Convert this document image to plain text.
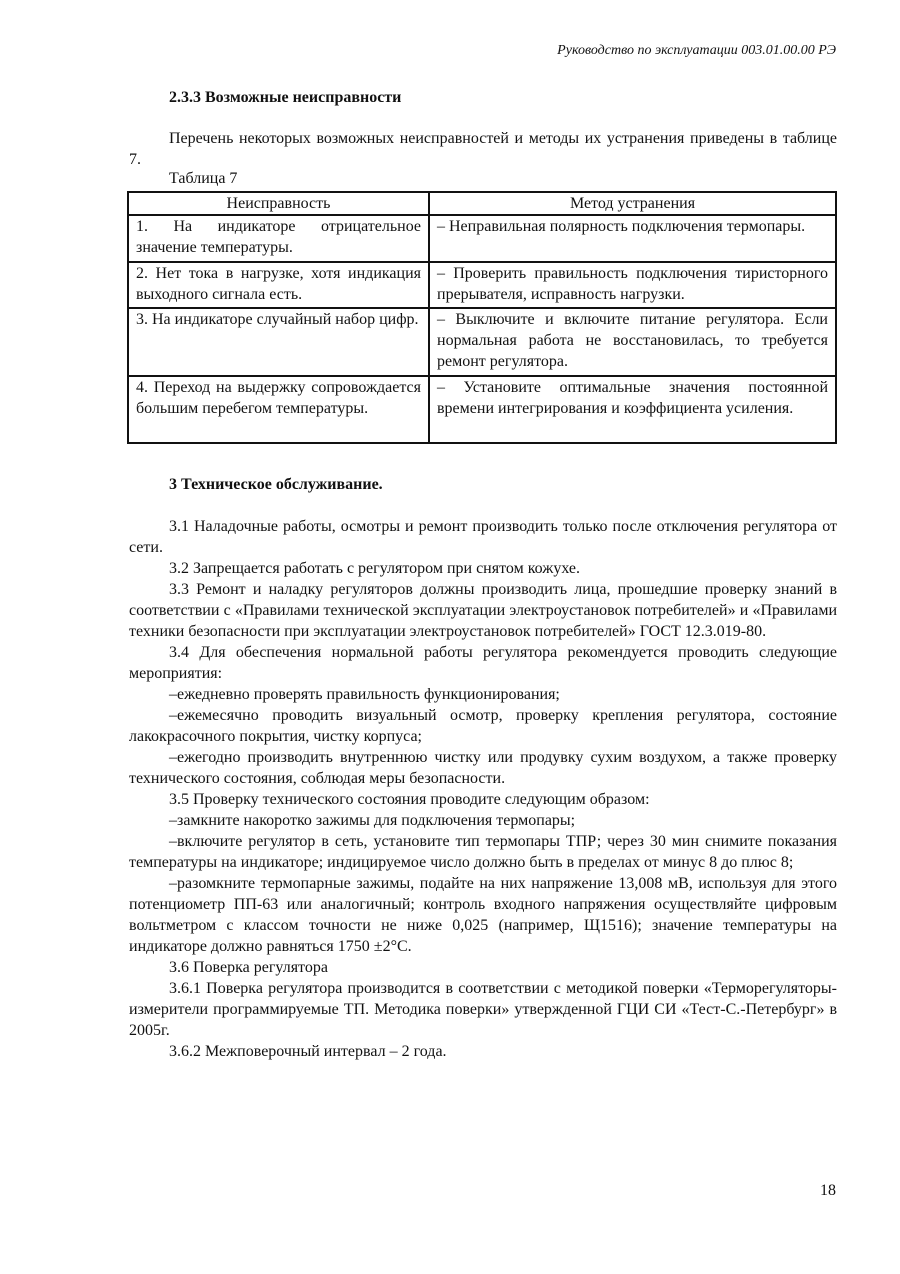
Руководство по эксплуатации 003.01.00.00 РЭ
2.3.3 Возможные неисправности
Перечень некоторых возможных неисправностей и методы их устранения приведены в таблице 7.
Таблица 7
Неисправность	Метод устранения
1. На индикаторе отрицательное значение температуры.	– Неправильная полярность подключения термопары.
2. Нет тока в нагрузке, хотя индикация выходного сигнала есть.	– Проверить правильность подключения тиристорного прерывателя, исправность нагрузки.
3. На индикаторе случайный набор цифр.	– Выключите и включите питание регулятора. Если нормальная работа не восстановилась, то требуется ремонт регулятора.
4. Переход на выдержку сопровождается большим перебегом температуры.	– Установите оптимальные значения постоянной времени интегрирования и коэффициента усиления.
3 Техническое обслуживание.

3.1 Наладочные работы, осмотры и ремонт производить только после отключения регулятора от сети.

3.2 Запрещается работать с регулятором при снятом кожухе.

3.3 Ремонт и наладку регуляторов должны производить лица, прошедшие проверку знаний в соответствии с «Правилами технической эксплуатации электроустановок потребителей» и «Правилами техники безопасности при эксплуатации электроустановок потребителей» ГОСТ 12.3.019-80.

3.4 Для обеспечения нормальной работы регулятора рекомендуется проводить следующие мероприятия:

–ежедневно проверять правильность функционирования;

–ежемесячно проводить визуальный осмотр, проверку крепления регулятора, состояние лакокрасочного покрытия, чистку корпуса;

–ежегодно производить внутреннюю чистку или продувку сухим воздухом, а также проверку технического состояния, соблюдая меры безопасности.

3.5 Проверку технического состояния проводите следующим образом:

–замкните накоротко зажимы для подключения термопары;

–включите регулятор в сеть, установите тип термопары ТПР; через 30 мин снимите показания температуры на индикаторе; индицируемое число должно быть в пределах от минус 8 до плюс 8;

–разомкните термопарные зажимы, подайте на них напряжение 13,008 мВ, используя для этого потенциометр ПП-63 или аналогичный; контроль входного напряжения осуществляйте цифровым вольтметром с классом точности не ниже 0,025 (например, Щ1516); значение температуры на индикаторе должно равняться 1750 ±2°С.

3.6 Поверка регулятора

3.6.1 Поверка регулятора производится в соответствии с методикой поверки «Терморегуляторы-измерители программируемые ТП. Методика поверки» утвержденной ГЦИ СИ «Тест-С.-Петербург» в 2005г.

3.6.2 Межповерочный интервал – 2 года.

18
